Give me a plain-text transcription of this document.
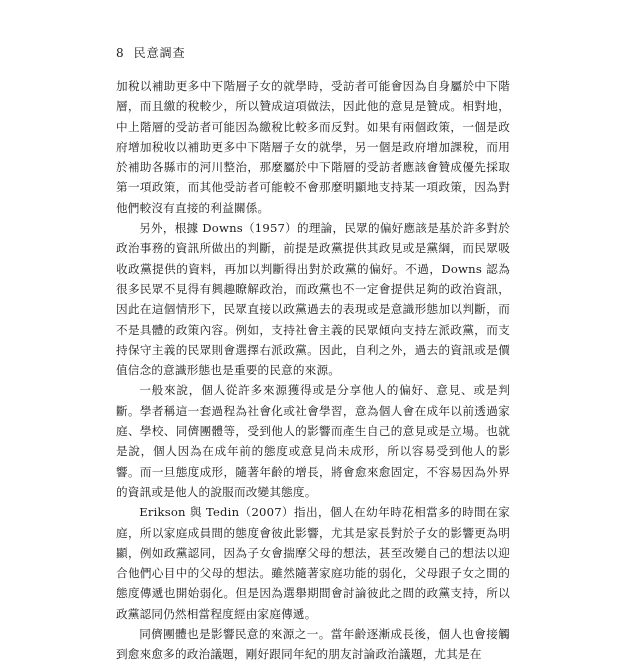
8 民意調查

加稅以補助更多中下階層子女的就學時，受訪者可能會因為自身屬於中下階層，而且繳的稅較少，所以贊成這項做法，因此他的意見是贊成。相對地，中上階層的受訪者可能因為繳稅比較多而反對。如果有兩個政策，一個是政府增加稅收以補助更多中下階層子女的就學，另一個是政府增加課稅，而用於補助各縣市的河川整治，那麼屬於中下階層的受訪者應該會贊成優先採取第一項政策，而其他受訪者可能較不會那麼明顯地支持某一項政策，因為對他們較沒有直接的利益關係。

另外，根據 Downs（1957）的理論，民眾的偏好應該是基於許多對於政治事務的資訊所做出的判斷，前提是政黨提供其政見或是黨綱，而民眾吸收政黨提供的資料，再加以判斷得出對於政黨的偏好。不過，Downs 認為很多民眾不見得有興趣瞭解政治，而政黨也不一定會提供足夠的政治資訊，因此在這個情形下，民眾直接以政黨過去的表現或是意識形態加以判斷，而不是具體的政策內容。例如，支持社會主義的民眾傾向支持左派政黨，而支持保守主義的民眾則會選擇右派政黨。因此，自利之外，過去的資訊或是價值信念的意識形態也是重要的民意的來源。

一般來說，個人從許多來源獲得或是分享他人的偏好、意見、或是判斷。學者稱這一套過程為社會化或社會學習，意為個人會在成年以前透過家庭、學校、同儕團體等，受到他人的影響而產生自己的意見或是立場。也就是說，個人因為在成年前的態度或意見尚未成形，所以容易受到他人的影響。而一旦態度成形，隨著年齡的增長，將會愈來愈固定，不容易因為外界的資訊或是他人的說服而改變其態度。

Erikson 與 Tedin（2007）指出，個人在幼年時花相當多的時間在家庭，所以家庭成員間的態度會彼此影響，尤其是家長對於子女的影響更為明顯，例如政黨認同，因為子女會揣摩父母的想法，甚至改變自己的想法以迎合他們心目中的父母的想法。雖然隨著家庭功能的弱化，父母跟子女之間的態度傳遞也開始弱化。但是因為選舉期間會討論彼此之間的政黨支持，所以政黨認同仍然相當程度經由家庭傳遞。

同儕團體也是影響民意的來源之一。當年齡逐漸成長後，個人也會接觸到愈來愈多的政治議題，剛好跟同年紀的朋友討論政治議題，尤其是在
